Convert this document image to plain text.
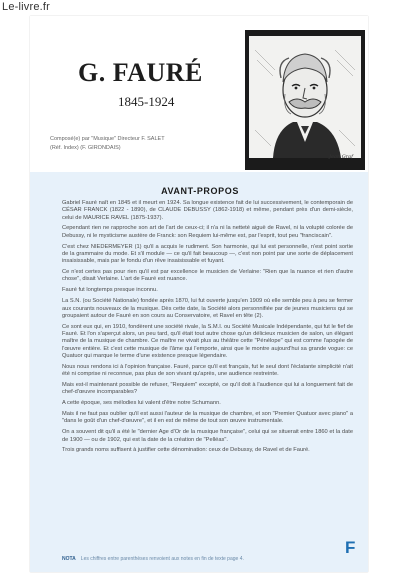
Le-livre.fr
G. FAURÉ
1845-1924
Composé(e) par "Musique" Directeur F. SALET
(Réf. Index) (F. GIRONDAIS)
Jean Graf
AVANT-PROPOS

Gabriel Fauré naît en 1845 et il meurt en 1924. Sa longue existence fait de lui successivement, le contemporain de CÉSAR FRANCK (1822 - 1890), de CLAUDE DEBUSSY (1862-1918) et même, pendant près d'un demi-siècle, celui de MAURICE RAVEL (1875-1937).

Cependant rien ne rapproche son art de l'art de ceux-ci; il n'a ni la netteté aiguë de Ravel, ni la volupté colorée de Debussy, ni le mysticisme austère de Franck: son Requiem lui-même est, par l'esprit, tout peu "franciscain".

C'est chez NIEDERMEYER (1) qu'il a acquis le rudiment. Son harmonie, qui lui est personnelle, n'est point sortie de la grammaire du mode. Et s'il module — ce qu'il fait beaucoup —, c'est non point par une sorte de déplacement insaisissable, mais par le fondu d'un rêve insaisissable et fuyant.

Ce n'est certes pas pour rien qu'il est par excellence le musicien de Verlaine: "Rien que la nuance et rien d'autre chose", disait Verlaine. L'art de Fauré est nuance.

Fauré fut longtemps presque inconnu.

La S.N. (ou Société Nationale) fondée après 1870, lui fut ouverte jusqu'en 1909 où elle semble peu à peu se fermer aux courants nouveaux de la musique. Dès cette date, la Société alors personnifiée par de jeunes musiciens qui se groupaient autour de Fauré en son cours au Conservatoire, et Ravel en tête (2).

Ce sont eux qui, en 1910, fondèrent une société rivale, la S.M.I. ou Société Musicale Indépendante, qui fut le fief de Fauré. Et l'on s'aperçut alors, un peu tard, qu'il était tout autre chose qu'un délicieux musicien de salon, un élégant maître de la musique de chambre. Ce maître ne vivait plus au théâtre cette "Pénélope" qui est comme l'apogée de l'œuvre entière. Et c'est cette musique de l'âme qui l'emporte, ainsi que le montre aujourd'hui sa grande vogue: ce Quatuor qui marque le terme d'une existence presque légendaire.

Nous nous rendons ici à l'opinion française. Fauré, parce qu'il est français, fut le seul dont l'éclatante simplicité n'ait été ni comprise ni reconnue, pas plus de son vivant qu'après, une audience restreinte.

Mais est-il maintenant possible de refuser, "Requiem" excepté, ce qu'il doit à l'audience qui lui a longuement fait de chef-d'œuvre incomparables?

A cette époque, ses mélodies lui valent d'être notre Schumann.

Mais il ne faut pas oublier qu'il est aussi l'auteur de la musique de chambre, et son "Premier Quatuor avec piano" a "dans le goût d'un chef-d'œuvre", et il en est de même de tout son œuvre instrumentale.

On a souvent dit qu'il a été le "dernier Age d'Or de la musique française", celui qui se situerait entre 1860 et la date de 1900 — ou de 1902, qui est la date de la création de "Pelléas".

Trois grands noms suffisent à justifier cette dénomination: ceux de Debussy, de Ravel et de Fauré.

NOTA Les chiffres entre parenthèses renvoient aux notes en fin de texte page 4.
F
